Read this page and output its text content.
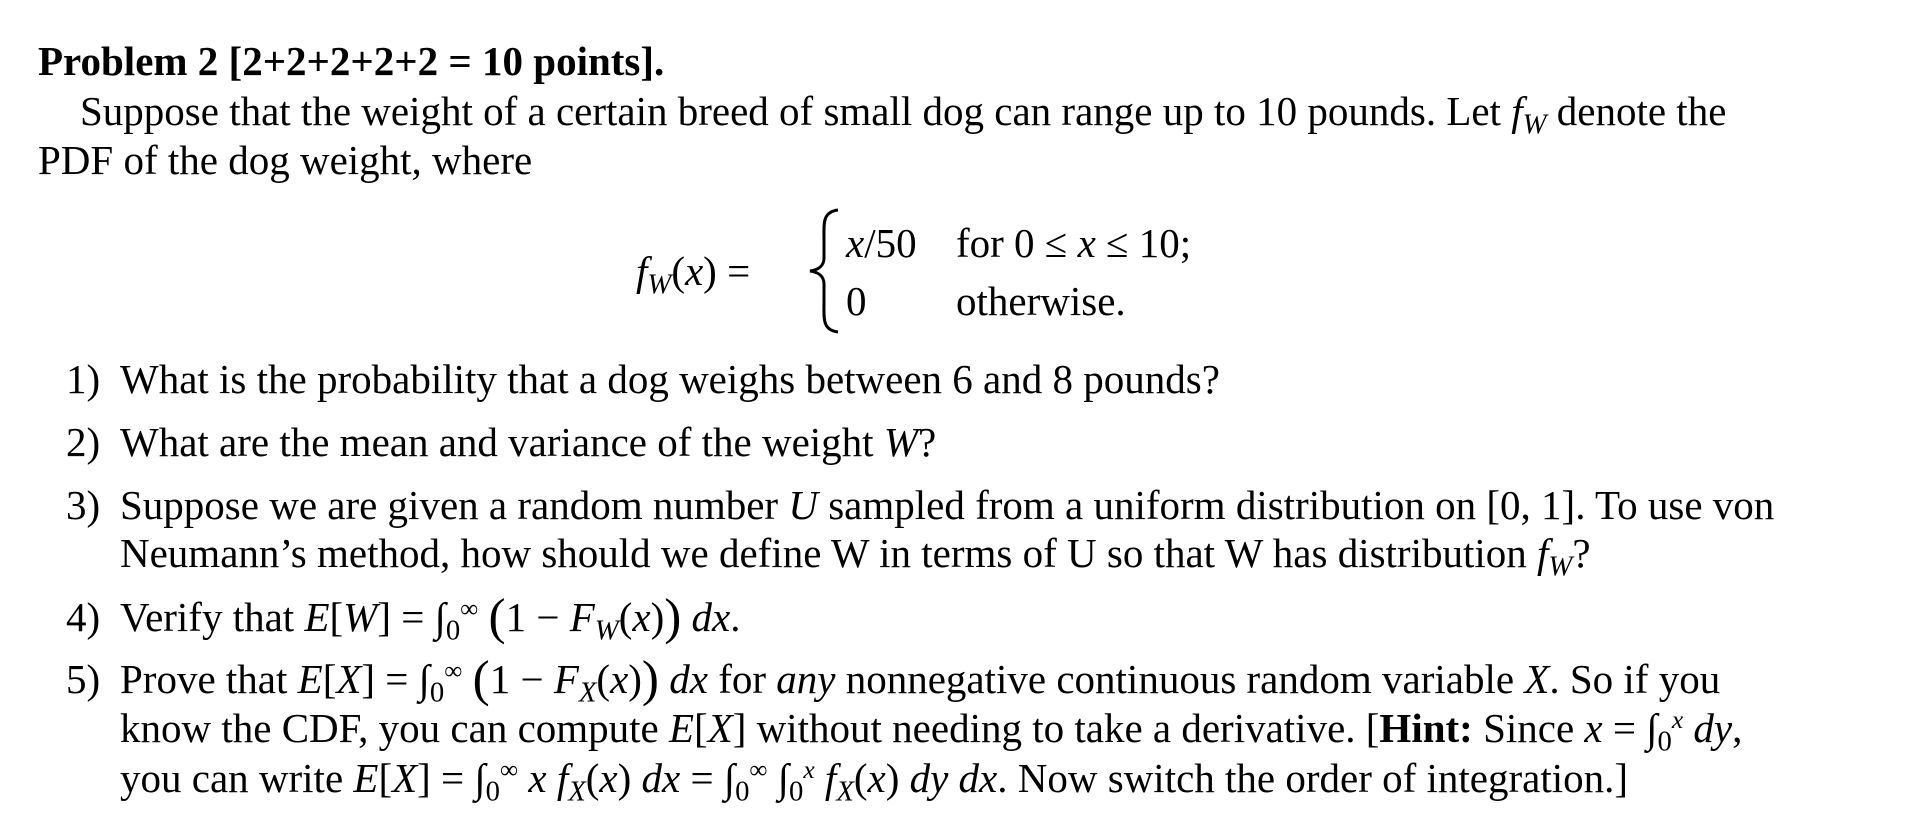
Problem 2 [2+2+2+2+2 = 10 points].
Suppose that the weight of a certain breed of small dog can range up to 10 pounds. Let $f_W$ denote the
PDF of the dog weight, where
$f_W(x)$ =
x/50 for 0 ≤ x ≤ 10;
0 otherwise.
1) What is the probability that a dog weighs between 6 and 8 pounds?
2) What are the mean and variance of the weight W?
3) Suppose we are given a random number U sampled from a uniform distribution on [0, 1]. To use von
Neumann’s method, how should we define W in terms of U so that W has distribution $f_W$?
4) Verify that $E[W] = \int_0^\infty$ $(1 - F_W(x))$ dx.
5) Prove that $E[X] = \int_0^\infty$ $(1 - F_X(x))$ dx for any nonnegative continuous random variable X. So if you
know the CDF, you can compute E[X] without needing to take a derivative. [Hint: Since $x = \int_0^x$ dy,
you can write $E[X] = \int_0^\infty$ x $f_X(x)$ dx = $\int_0^\infty$ $\int_0^x$ $f_X(x)$ dy dx. Now switch the order of integration.]
